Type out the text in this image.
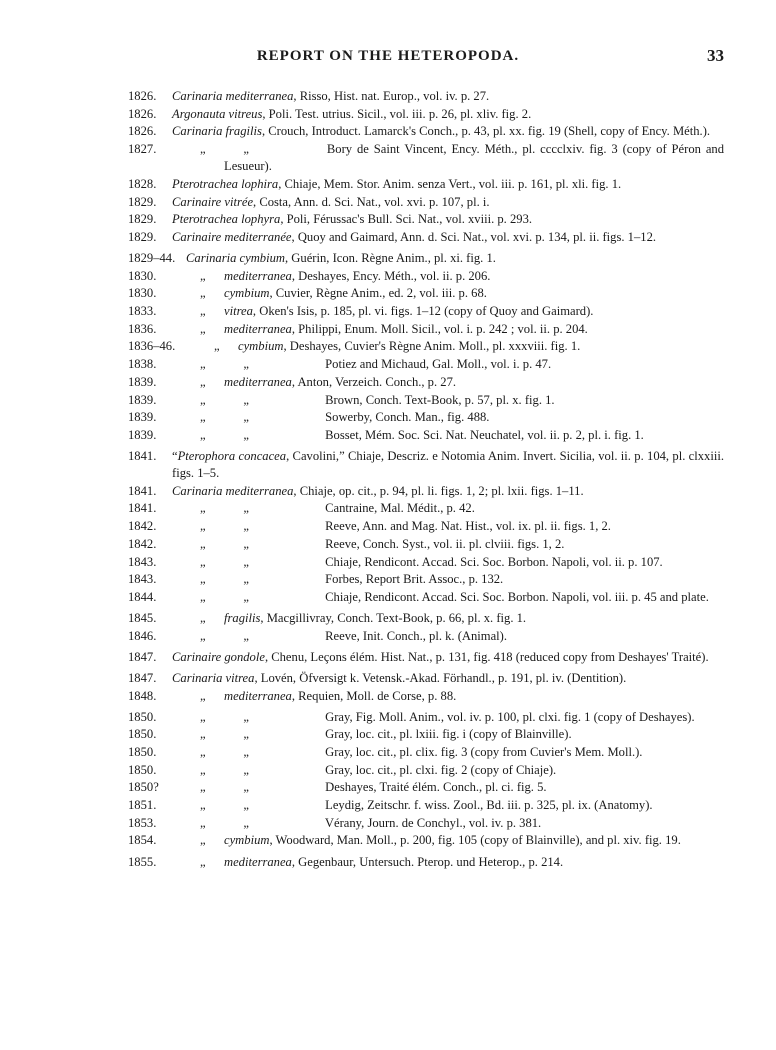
REPORT ON THE HETEROPODA.	33
1826.	Carinaria mediterranea, Risso, Hist. nat. Europ., vol. iv. p. 27.
1826.	Argonauta vitreus, Poli. Test. utrius. Sicil., vol. iii. p. 26, pl. xliv. fig. 2.
1826.	Carinaria fragilis, Crouch, Introduct. Lamarck's Conch., p. 43, pl. xx. fig. 19 (Shell, copy of Ency. Méth.).
1827.	„   „	Bory de Saint Vincent, Ency. Méth., pl. cccclxiv. fig. 3 (copy of Péron and Lesueur).
1828.	Pterotrachea lophira, Chiaje, Mem. Stor. Anim. senza Vert., vol. iii. p. 161, pl. xli. fig. 1.
1829.	Carinaire vitrée, Costa, Ann. d. Sci. Nat., vol. xvi. p. 107, pl. i.
1829.	Pterotrachea lophyra, Poli, Férussac's Bull. Sci. Nat., vol. xviii. p. 293.
1829.	Carinaire mediterranée, Quoy and Gaimard, Ann. d. Sci. Nat., vol. xvi. p. 134, pl. ii. figs. 1–12.
1829–44. Carinaria cymbium, Guérin, Icon. Règne Anim., pl. xi. fig. 1.
1830.	„ mediterranea, Deshayes, Ency. Méth., vol. ii. p. 206.
1830.	„ cymbium, Cuvier, Règne Anim., ed. 2, vol. iii. p. 68.
1833.	„ vitrea, Oken's Isis, p. 185, pl. vi. figs. 1–12 (copy of Quoy and Gaimard).
1836.	„ mediterranea, Philippi, Enum. Moll. Sicil., vol. i. p. 242 ; vol. ii. p. 204.
1836–46.	„ cymbium, Deshayes, Cuvier's Règne Anim. Moll., pl. xxxviii. fig. 1.
1838.	„   „	Potiez and Michaud, Gal. Moll., vol. i. p. 47.
1839.	„ mediterranea, Anton, Verzeich. Conch., p. 27.
1839.	„   „	Brown, Conch. Text-Book, p. 57, pl. x. fig. 1.
1839.	„   „	Sowerby, Conch. Man., fig. 488.
1839.	„   „	Bosset, Mém. Soc. Sci. Nat. Neuchatel, vol. ii. p. 2, pl. i. fig. 1.
1841.	“Pterophora concacea, Cavolini,” Chiaje, Descriz. e Notomia Anim. Invert. Sicilia, vol. ii. p. 104, pl. clxxiii. figs. 1–5.
1841.	Carinaria mediterranea, Chiaje, op. cit., p. 94, pl. li. figs. 1, 2; pl. lxii. figs. 1–11.
1841.	„   „	Cantraine, Mal. Médit., p. 42.
1842.	„   „	Reeve, Ann. and Mag. Nat. Hist., vol. ix. pl. ii. figs. 1, 2.
1842.	„   „	Reeve, Conch. Syst., vol. ii. pl. clviii. figs. 1, 2.
1843.	„   „	Chiaje, Rendicont. Accad. Sci. Soc. Borbon. Napoli, vol. ii. p. 107.
1843.	„   „	Forbes, Report Brit. Assoc., p. 132.
1844.	„   „	Chiaje, Rendicont. Accad. Sci. Soc. Borbon. Napoli, vol. iii. p. 45 and plate.
1845.	„ fragilis, Macgillivray, Conch. Text-Book, p. 66, pl. x. fig. 1.
1846.	„   „	Reeve, Init. Conch., pl. k. (Animal).
1847.	Carinaire gondole, Chenu, Leçons élém. Hist. Nat., p. 131, fig. 418 (reduced copy from Deshayes' Traité).
1847.	Carinaria vitrea, Lovén, Öfversigt k. Vetensk.-Akad. Förhandl., p. 191, pl. iv. (Dentition).
1848.	„ mediterranea, Requien, Moll. de Corse, p. 88.
1850.	„   „	Gray, Fig. Moll. Anim., vol. iv. p. 100, pl. clxi. fig. 1 (copy of Deshayes).
1850.	„   „	Gray, loc. cit., pl. lxiii. fig. i (copy of Blainville).
1850.	„   „	Gray, loc. cit., pl. clix. fig. 3 (copy from Cuvier's Mem. Moll.).
1850.	„   „	Gray, loc. cit., pl. clxi. fig. 2 (copy of Chiaje).
1850?	„   „	Deshayes, Traité élém. Conch., pl. ci. fig. 5.
1851.	„   „	Leydig, Zeitschr. f. wiss. Zool., Bd. iii. p. 325, pl. ix. (Anatomy).
1853.	„   „	Vérany, Journ. de Conchyl., vol. iv. p. 381.
1854.	„ cymbium, Woodward, Man. Moll., p. 200, fig. 105 (copy of Blainville), and pl. xiv. fig. 19.
1855.	„ mediterranea, Gegenbaur, Untersuch. Pterop. und Heterop., p. 214.
